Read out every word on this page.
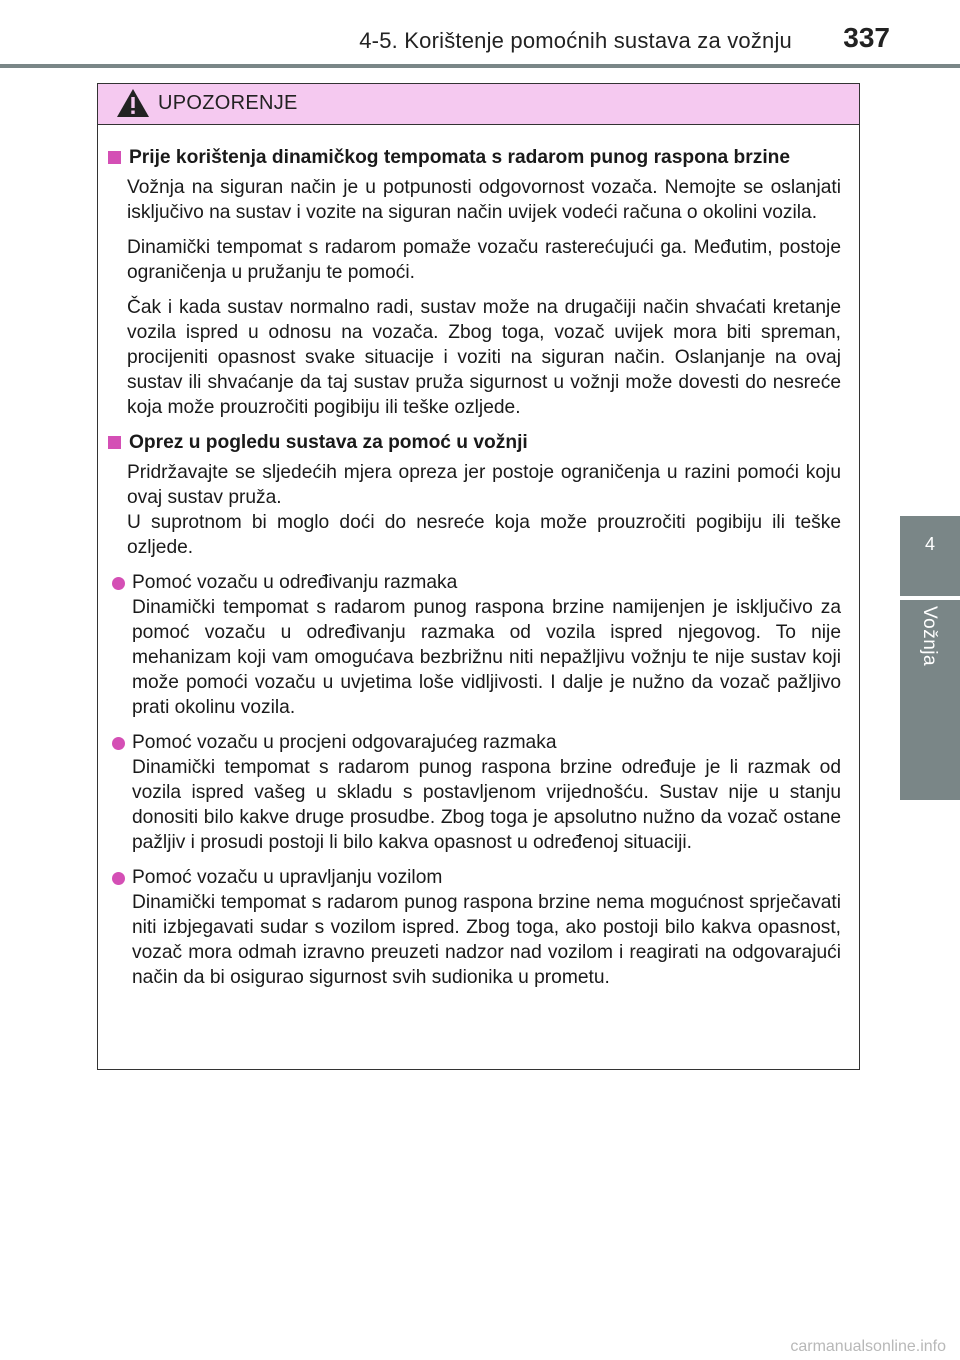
4-5. Korištenje pomoćnih sustava za vožnju 337
4
Vožnja
UPOZORENJE
Prije korištenja dinamičkog tempomata s radarom punog raspona brzine

Vožnja na siguran način je u potpunosti odgovornost vozača. Nemojte se oslanjati isključivo na sustav i vozite na siguran način uvijek vodeći računa o okolini vozila.

Dinamički tempomat s radarom pomaže vozaču rasterećujući ga. Međutim, postoje ograničenja u pružanju te pomoći.

Čak i kada sustav normalno radi, sustav može na drugačiji način shvaćati kretanje vozila ispred u odnosu na vozača. Zbog toga, vozač uvijek mora biti spreman, procijeniti opasnost svake situacije i voziti na siguran način. Oslanjanje na ovaj sustav ili shvaćanje da taj sustav pruža sigurnost u vožnji može dovesti do nesreće koja može prouzročiti pogibiju ili teške ozljede.

Oprez u pogledu sustava za pomoć u vožnji

Pridržavajte se sljedećih mjera opreza jer postoje ograničenja u razini pomoći koju ovaj sustav pruža.
U suprotnom bi moglo doći do nesreće koja može prouzročiti pogibiju ili teške ozljede.

Pomoć vozaču u određivanju razmaka
Dinamički tempomat s radarom punog raspona brzine namijenjen je isključivo za pomoć vozaču u određivanju razmaka od vozila ispred njegovog. To nije mehanizam koji vam omogućava bezbrižnu niti nepažljivu vožnju te nije sustav koji može pomoći vozaču u uvjetima loše vidljivosti. I dalje je nužno da vozač pažljivo prati okolinu vozila.
Pomoć vozaču u procjeni odgovarajućeg razmaka
Dinamički tempomat s radarom punog raspona brzine određuje je li razmak od vozila ispred vašeg u skladu s postavljenom vrijednošću. Sustav nije u stanju donositi bilo kakve druge prosudbe. Zbog toga je apsolutno nužno da vozač ostane pažljiv i prosudi postoji li bilo kakva opasnost u određenoj situaciji.
Pomoć vozaču u upravljanju vozilom
Dinamički tempomat s radarom punog raspona brzine nema mogućnost sprječavati niti izbjegavati sudar s vozilom ispred. Zbog toga, ako postoji bilo kakva opasnost, vozač mora odmah izravno preuzeti nadzor nad vozilom i reagirati na odgovarajući način da bi osigurao sigurnost svih sudionika u prometu.
carmanualsonline.info
